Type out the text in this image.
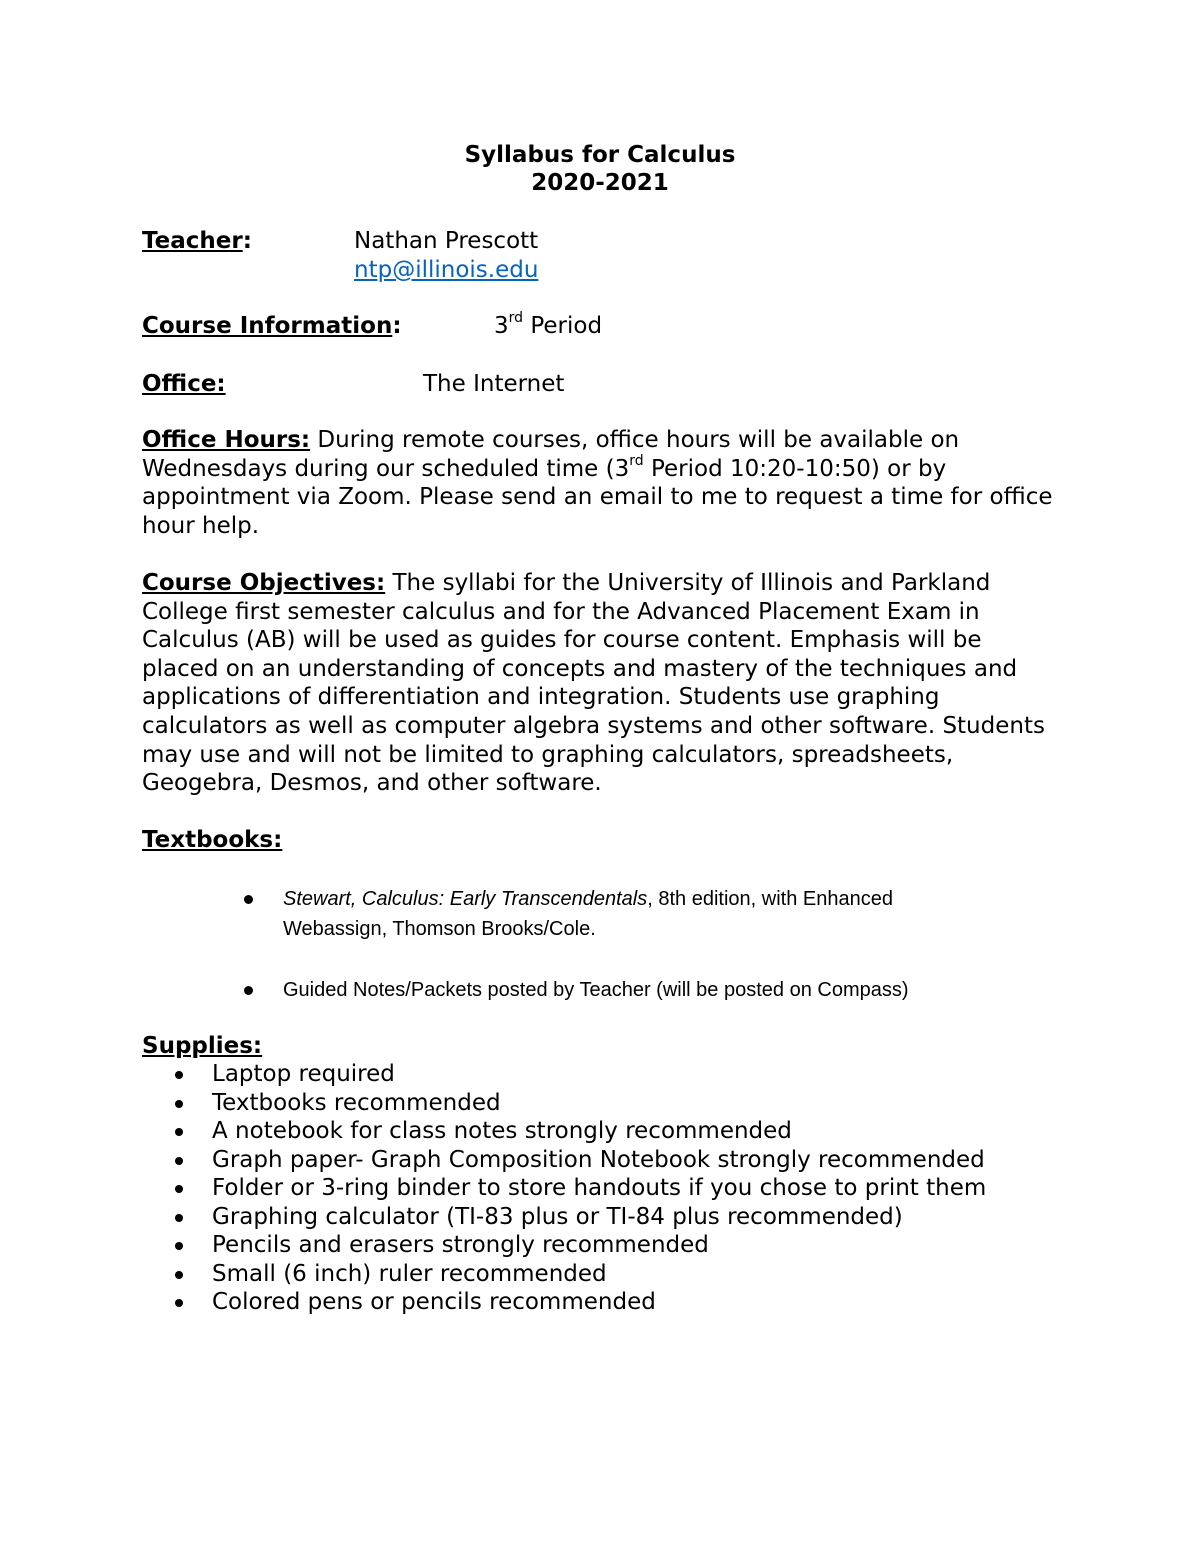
Syllabus for Calculus
2020-2021
Teacher:	Nathan Prescott
ntp@illinois.edu
Course Information:	3rd Period
Office:	The Internet

Office Hours: During remote courses, office hours will be available on Wednesdays during our scheduled time (3rd Period 10:20-10:50) or by appointment via Zoom. Please send an email to me to request a time for office hour help.

Course Objectives: The syllabi for the University of Illinois and Parkland College first semester calculus and for the Advanced Placement Exam in Calculus (AB) will be used as guides for course content. Emphasis will be placed on an understanding of concepts and mastery of the techniques and applications of differentiation and integration. Students use graphing calculators as well as computer algebra systems and other software. Students may use and will not be limited to graphing calculators, spreadsheets, Geogebra, Desmos, and other software.

Textbooks:
Stewart, Calculus: Early Transcendentals, 8th edition, with Enhanced
Webassign, Thomson Brooks/Cole.
Guided Notes/Packets posted by Teacher (will be posted on Compass)
Supplies:
Laptop required
Textbooks recommended
A notebook for class notes strongly recommended
Graph paper- Graph Composition Notebook strongly recommended
Folder or 3-ring binder to store handouts if you chose to print them
Graphing calculator (TI-83 plus or TI-84 plus recommended)
Pencils and erasers strongly recommended
Small (6 inch) ruler recommended
Colored pens or pencils recommended
